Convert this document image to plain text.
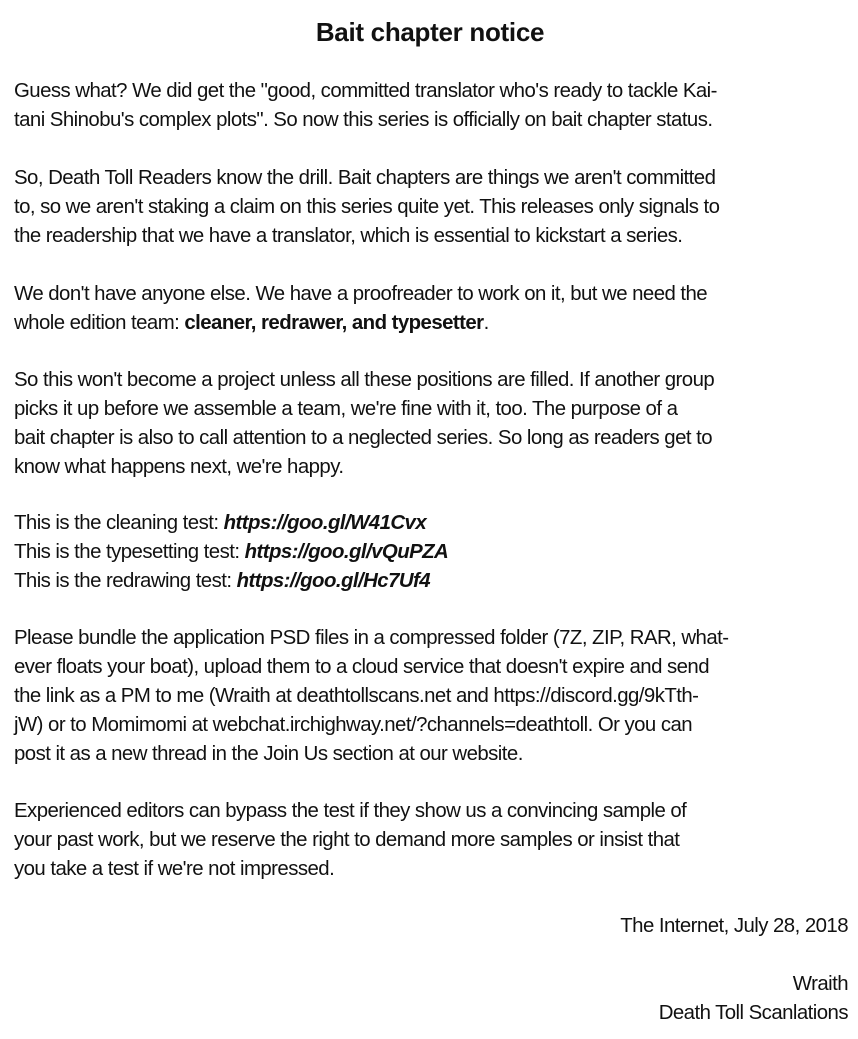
Bait chapter notice

Guess what? We did get the "good, committed translator who's ready to tackle Kai-
tani Shinobu's complex plots". So now this series is officially on bait chapter status.

So, Death Toll Readers know the drill. Bait chapters are things we aren't committed
to, so we aren't staking a claim on this series quite yet. This releases only signals to
the readership that we have a translator, which is essential to kickstart a series.

We don't have anyone else. We have a proofreader to work on it, but we need the
whole edition team: cleaner, redrawer, and typesetter.

So this won't become a project unless all these positions are filled. If another group
picks it up before we assemble a team, we're fine with it, too. The purpose of a
bait chapter is also to call attention to a neglected series. So long as readers get to
know what happens next, we're happy.

This is the cleaning test: https://goo.gl/W41Cvx
This is the typesetting test: https://goo.gl/vQuPZA
This is the redrawing test: https://goo.gl/Hc7Uf4

Please bundle the application PSD files in a compressed folder (7Z, ZIP, RAR, what-
ever floats your boat), upload them to a cloud service that doesn't expire and send
the link as a PM to me (Wraith at deathtollscans.net and https://discord.gg/9kTth-
jW) or to Momimomi at webchat.irchighway.net/?channels=deathtoll. Or you can
post it as a new thread in the Join Us section at our website.

Experienced editors can bypass the test if they show us a convincing sample of
your past work, but we reserve the right to demand more samples or insist that
you take a test if we're not impressed.

The Internet, July 28, 2018
Wraith
Death Toll Scanlations
